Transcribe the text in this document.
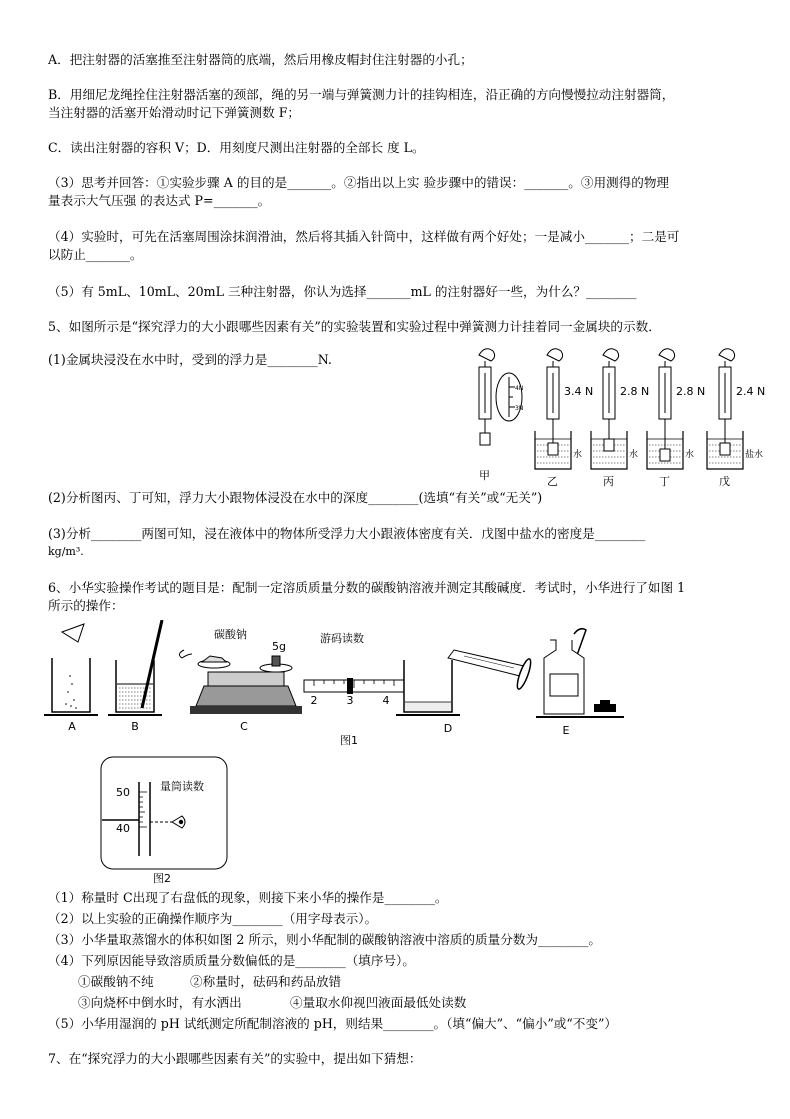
A．把注射器的活塞推至注射器筒的底端，然后用橡皮帽封住注射器的小孔；
B．用细尼龙绳拴住注射器活塞的颈部，绳的另一端与弹簧测力计的挂钩相连，沿正确的方向慢慢拉动注射器筒，
当注射器的活塞开始滑动时记下弹簧测数 F；
C．读出注射器的容积 V；D．用刻度尺测出注射器的全部长 度 L。
（3）思考并回答：①实验步骤 A 的目的是_______。②指出以上实 验步骤中的错误：_______。③用测得的物理
量表示大气压强 的表达式 P=_______。
（4）实验时，可先在活塞周围涂抹润滑油，然后将其插入针筒中，这样做有两个好处；一是减小_______；二是可
以防止_______。
（5）有 5mL、10mL、20mL 三种注射器，你认为选择_______mL 的注射器好一些，为什么？________
5、如图所示是“探究浮力的大小跟哪些因素有关”的实验装置和实验过程中弹簧测力计挂着同一金属块的示数．
(1)金属块浸没在水中时，受到的浮力是________N.
4N
3N
甲
3.4 N
水
乙
2.8 N
水
丙
2.8 N
水
丁
2.4 N
盐水
戊
(2)分析图丙、丁可知，浮力大小跟物体浸没在水中的深度________(选填“有关”或“无关”)
(3)分析________两图可知，浸在液体中的物体所受浮力大小跟液体密度有关．戊图中盐水的密度是________
kg/m³.
6、小华实验操作考试的题目是：配制一定溶质质量分数的碳酸钠溶液并测定其酸碱度．考试时，小华进行了如图 1
所示的操作：
A	B
碳酸钠
5g
C
游码读数
2	3	4
D	E
图1
50
40
量筒读数
图2
（1）称量时 C出现了右盘低的现象，则接下来小华的操作是________。
（2）以上实验的正确操作顺序为________（用字母表示）。
（3）小华量取蒸馏水的体积如图 2 所示，则小华配制的碳酸钠溶液中溶质的质量分数为________。
（4）下列原因能导致溶质质量分数偏低的是________（填序号）。
①碳酸钠不纯	②称量时，砝码和药品放错
③向烧杯中倒水时，有水洒出	④量取水仰视凹液面最低处读数
（5）小华用湿润的 pH 试纸测定所配制溶液的 pH，则结果________。（填“偏大”、“偏小”或“不变”）
7、在“探究浮力的大小跟哪些因素有关”的实验中，提出如下猜想：
